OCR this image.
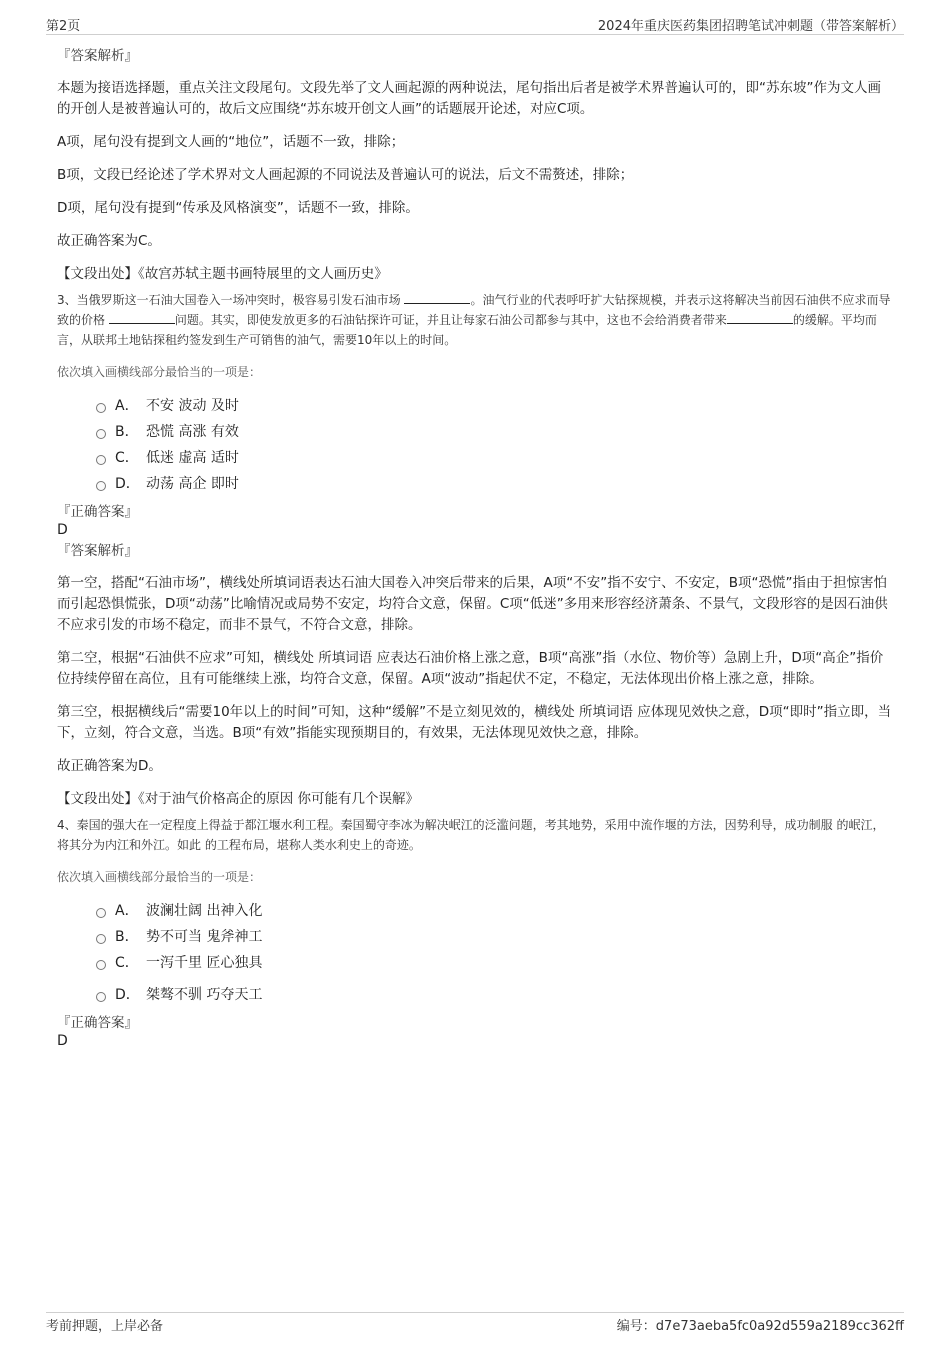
第2页	2024年重庆医药集团招聘笔试冲刺题（带答案解析）
『答案解析』

本题为接语选择题，重点关注文段尾句。文段先举了文人画起源的两种说法，尾句指出后者是被学术界普遍认可的，即“苏东坡”作为文人画的开创人是被普遍认可的，故后文应围绕“苏东坡开创文人画”的话题展开论述，对应C项。

A项，尾句没有提到文人画的“地位”，话题不一致，排除；

B项，文段已经论述了学术界对文人画起源的不同说法及普遍认可的说法，后文不需赘述，排除；

D项，尾句没有提到“传承及风格演变”，话题不一致，排除。

故正确答案为C。

【文段出处】《故宫苏轼主题书画特展里的文人画历史》

3、当俄罗斯这一石油大国卷入一场冲突时，极容易引发石油市场	。油气行业的代表呼吁扩大钻探规模，并表示这将解决当前因石油供不应求而导致的价格	问题。其实，即使发放更多的石油钻探许可证，并且让每家石油公司都参与其中，这也不会给消费者带来	的缓解。平均而言，从联邦土地钻探租约签发到生产可销售的油气，需要10年以上的时间。

依次填入画横线部分最恰当的一项是：

A． 不安 波动 及时
B． 恐慌 高涨 有效
C． 低迷 虚高 适时
D． 动荡 高企 即时
『正确答案』
D
『答案解析』

第一空，搭配“石油市场”，横线处所填词语表达石油大国卷入冲突后带来的后果，A项“不安”指不安宁、不安定，B项“恐慌”指由于担惊害怕而引起恐惧慌张，D项“动荡”比喻情况或局势不安定，均符合文意，保留。C项“低迷”多用来形容经济萧条、不景气，文段形容的是因石油供不应求引发的市场不稳定，而非不景气，不符合文意，排除。

第二空，根据“石油供不应求”可知，横线处 所填词语 应表达石油价格上涨之意，B项“高涨”指（水位、物价等）急剧上升，D项“高企”指价位持续停留在高位，且有可能继续上涨，均符合文意，保留。A项“波动”指起伏不定，不稳定，无法体现出价格上涨之意，排除。

第三空，根据横线后“需要10年以上的时间”可知，这种“缓解”不是立刻见效的，横线处 所填词语 应体现见效快之意，D项“即时”指立即，当下，立刻，符合文意，当选。B项“有效”指能实现预期目的，有效果，无法体现见效快之意，排除。

故正确答案为D。

【文段出处】《对于油气价格高企的原因 你可能有几个误解》

4、秦国的强大在一定程度上得益于都江堰水利工程。秦国蜀守李冰为解决岷江的泛滥问题，考其地势，采用中流作堰的方法，因势利导，成功制服 的岷江，将其分为内江和外江。如此 的工程布局，堪称人类水利史上的奇迹。

依次填入画横线部分最恰当的一项是：

A． 波澜壮阔 出神入化
B． 势不可当 鬼斧神工
C． 一泻千里 匠心独具
D． 桀骜不驯 巧夺天工
『正确答案』
D
考前押题，上岸必备	编号：d7e73aeba5fc0a92d559a2189cc362ff
